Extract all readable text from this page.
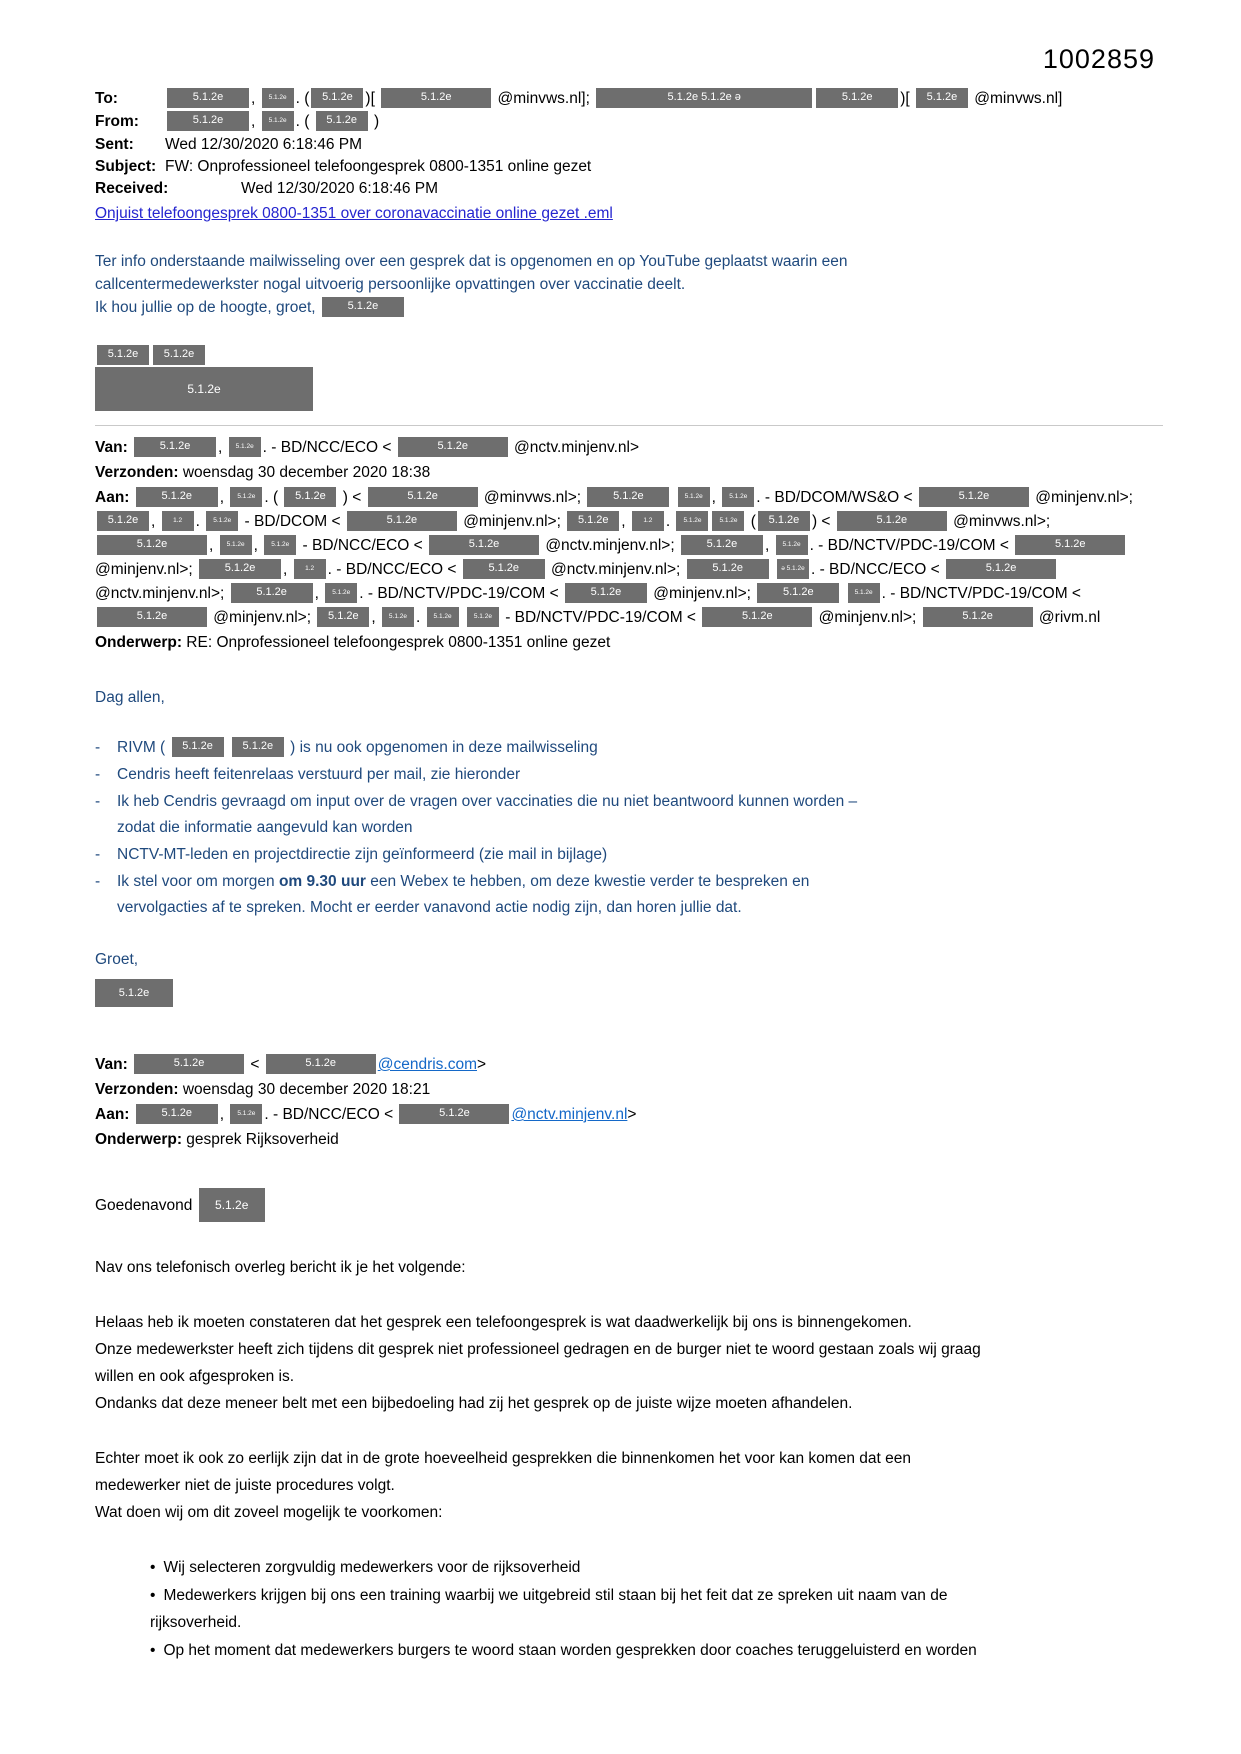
1002859
To:	5.1.2e , 5.1.2e . ( 5.1.2e )[	5.1.2e	@minvws.nl];	5.1.2e 5.1.2e ə	5.1.2e )[ 5.1.2e @minvws.nl]
From:	5.1.2e , 5.1.2e . ( 5.1.2e )
Sent:	Wed 12/30/2020 6:18:46 PM
Subject: FW: Onprofessioneel telefoongesprek 0800-1351 online gezet
Received:	Wed 12/30/2020 6:18:46 PM
Onjuist telefoongesprek 0800-1351 over coronavaccinatie online gezet .eml
Ter info onderstaande mailwisseling over een gesprek dat is opgenomen en op YouTube geplaatst waarin een
callcentermedewerkster nogal uitvoerig persoonlijke opvattingen over vaccinatie deelt.
Ik hou jullie op de hoogte, groet,	5.1.2e
5.1.2e 5.1.2e
5.1.2e
Van:	5.1.2e , 5.1.2e . - BD/NCC/ECO <	5.1.2e	@nctv.minjenv.nl>
Verzonden: woensdag 30 december 2020 18:38
Aan:	5.1.2e , 5.1.2e . ( 5.1.2e ) <	5.1.2e	@minvws.nl>;	5.1.2e	5.1.2e , 5.1.2e . - BD/DCOM/WS&O <	5.1.2e	@minjenv.nl>; 5.1.2e , 1.2 . 5.1.2e - BD/DCOM <	5.1.2e	@minjenv.nl>; 5.1.2e , 1.2 . 5.1.2e	5.1.2e ( 5.1.2e ) <	5.1.2e	@minvws.nl>; 5.1.2e	, 5.1.2e , 5.1.2e - BD/NCC/ECO <	5.1.2e	@nctv.minjenv.nl>;	5.1.2e , 5.1.2e . - BD/NCTV/PDC-19/COM <	5.1.2e @minjenv.nl>;	5.1.2e , 1.2 . - BD/NCC/ECO <	5.1.2e @nctv.minjenv.nl>;	5.1.2e	ə 5.1.2e . - BD/NCC/ECO <	5.1.2e @nctv.minjenv.nl>;	5.1.2e , 5.1.2e . - BD/NCTV/PDC-19/COM <	5.1.2e @minjenv.nl>;	5.1.2e	5.1.2e . - BD/NCTV/PDC-19/COM < 5.1.2e	@minjenv.nl>; 5.1.2e , 5.1.2e . 5.1.2e	5.1.2e - BD/NCTV/PDC-19/COM <	5.1.2e	@minjenv.nl>;	5.1.2e	@rivm.nl
Onderwerp: RE: Onprofessioneel telefoongesprek 0800-1351 online gezet
Dag allen,
-	RIVM ( 5.1.2e	5.1.2e ) is nu ook opgenomen in deze mailwisseling
-	Cendris heeft feitenrelaas verstuurd per mail, zie hieronder
-	Ik heb Cendris gevraagd om input over de vragen over vaccinaties die nu niet beantwoord kunnen worden –
zodat die informatie aangevuld kan worden
-	NCTV-MT-leden en projectdirectie zijn geïnformeerd (zie mail in bijlage)
-	Ik stel voor om morgen om 9.30 uur een Webex te hebben, om deze kwestie verder te bespreken en
vervolgacties af te spreken. Mocht er eerder vanavond actie nodig zijn, dan horen jullie dat.
Groet,
5.1.2e
Van:	5.1.2e	<	5.1.2e	@cendris.com>
Verzonden: woensdag 30 december 2020 18:21
Aan:	5.1.2e , 5.1.2e . - BD/NCC/ECO <	5.1.2e	@nctv.minjenv.nl>
Onderwerp: gesprek Rijksoverheid
Goedenavond 5.1.2e
Nav ons telefonisch overleg bericht ik je het volgende:
Helaas heb ik moeten constateren dat het gesprek een telefoongesprek is wat daadwerkelijk bij ons is binnengekomen.
Onze medewerkster heeft zich tijdens dit gesprek niet professioneel gedragen en de burger niet te woord gestaan zoals wij graag
willen en ook afgesproken is.
Ondanks dat deze meneer belt met een bijbedoeling had zij het gesprek op de juiste wijze moeten afhandelen.
Echter moet ik ook zo eerlijk zijn dat in de grote hoeveelheid gesprekken die binnenkomen het voor kan komen dat een
medewerker niet de juiste procedures volgt.
Wat doen wij om dit zoveel mogelijk te voorkomen:
• Wij selecteren zorgvuldig medewerkers voor de rijksoverheid
• Medewerkers krijgen bij ons een training waarbij we uitgebreid stil staan bij het feit dat ze spreken uit naam van de
rijksoverheid.
• Op het moment dat medewerkers burgers te woord staan worden gesprekken door coaches teruggeluisterd en worden
